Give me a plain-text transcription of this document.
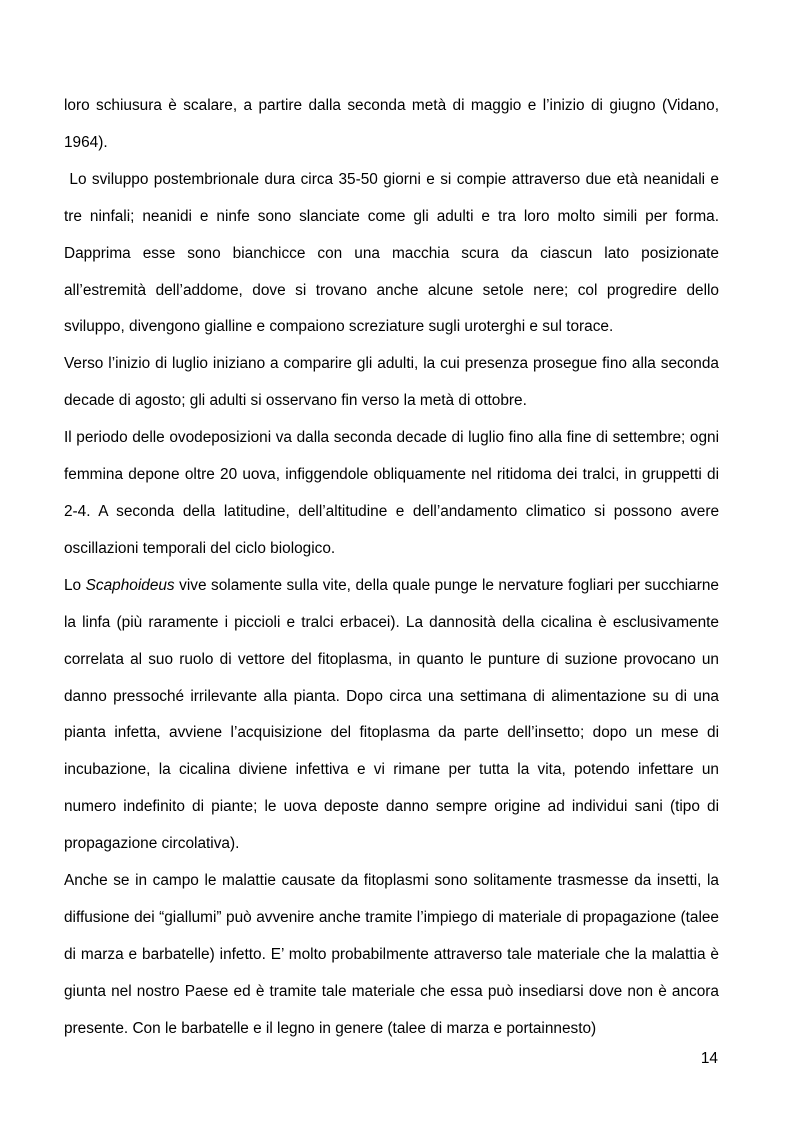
loro schiusura è scalare, a partire dalla seconda metà di maggio e l’inizio di giugno (Vidano, 1964).

Lo sviluppo postembrionale dura circa 35-50 giorni e si compie attraverso due età neanidali e tre ninfali; neanidi e ninfe sono slanciate come gli adulti e tra loro molto simili per forma. Dapprima esse sono bianchicce con una macchia scura da ciascun lato posizionate all’estremità dell’addome, dove si trovano anche alcune setole nere; col progredire dello sviluppo, divengono gialline e compaiono screziature sugli uroterghi e sul torace.

Verso l’inizio di luglio iniziano a comparire gli adulti, la cui presenza prosegue fino alla seconda decade di agosto; gli adulti si osservano fin verso la metà di ottobre.

Il periodo delle ovodeposizioni va dalla seconda decade di luglio fino alla fine di settembre; ogni femmina depone oltre 20 uova, infiggendole obliquamente nel ritidoma dei tralci, in gruppetti di 2-4. A seconda della latitudine, dell’altitudine e dell’andamento climatico si possono avere oscillazioni temporali del ciclo biologico.

Lo Scaphoideus vive solamente sulla vite, della quale punge le nervature fogliari per succhiarne la linfa (più raramente i piccioli e tralci erbacei). La dannosità della cicalina è esclusivamente correlata al suo ruolo di vettore del fitoplasma, in quanto le punture di suzione provocano un danno pressoché irrilevante alla pianta. Dopo circa una settimana di alimentazione su di una pianta infetta, avviene l’acquisizione del fitoplasma da parte dell’insetto; dopo un mese di incubazione, la cicalina diviene infettiva e vi rimane per tutta la vita, potendo infettare un numero indefinito di piante; le uova deposte danno sempre origine ad individui sani (tipo di propagazione circolativa).

Anche se in campo le malattie causate da fitoplasmi sono solitamente trasmesse da insetti, la diffusione dei “giallumi” può avvenire anche tramite l’impiego di materiale di propagazione (talee di marza e barbatelle) infetto. E’ molto probabilmente attraverso tale materiale che la malattia è giunta nel nostro Paese ed è tramite tale materiale che essa può insediarsi dove non è ancora presente. Con le barbatelle e il legno in genere (talee di marza e portainnesto)

14
